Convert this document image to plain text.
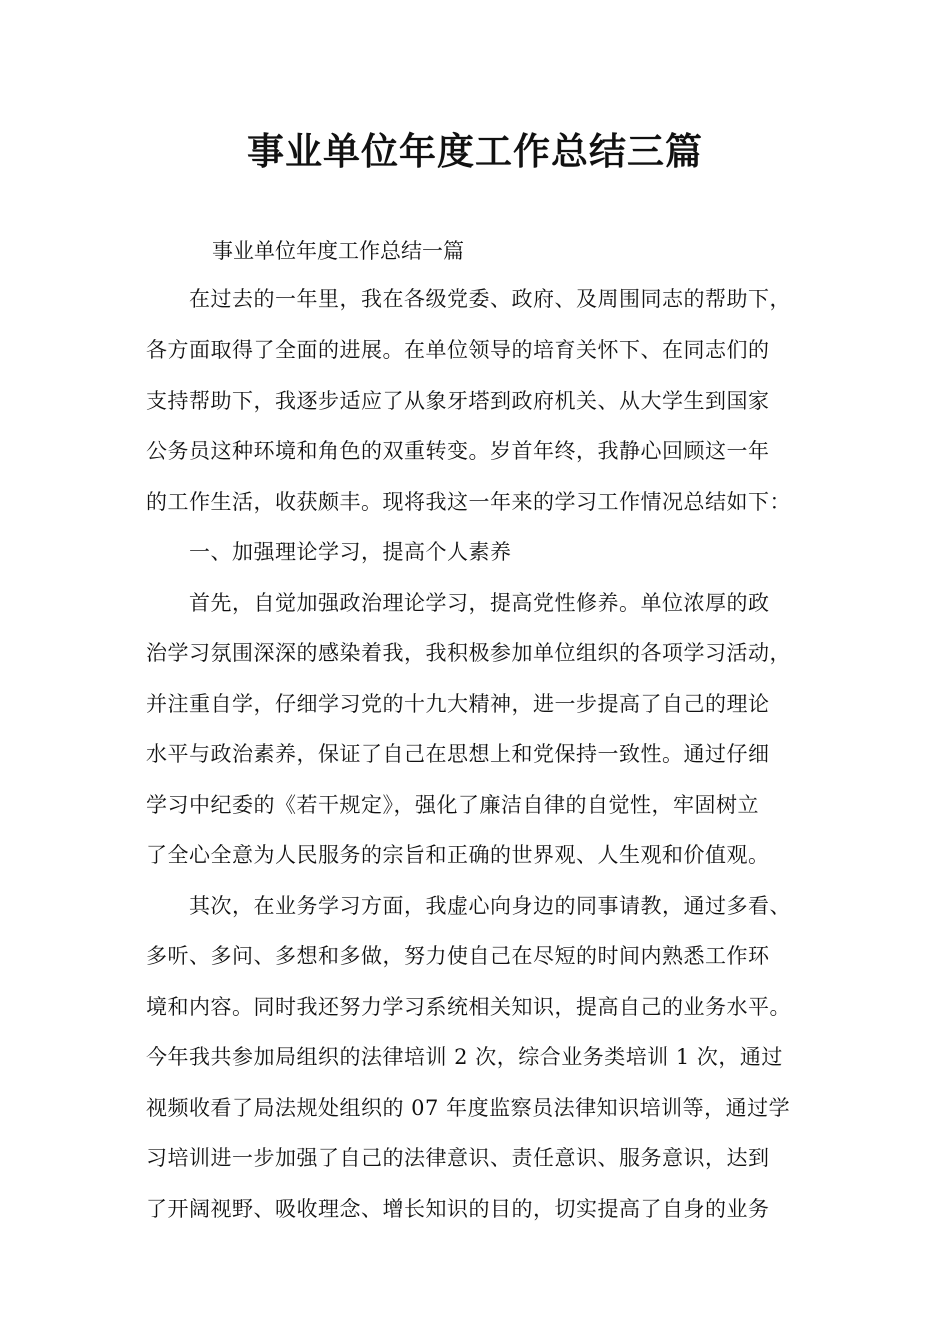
事业单位年度工作总结三篇

事业单位年度工作总结一篇

在过去的一年里，我在各级党委、政府、及周围同志的帮助下，

各方面取得了全面的进展。在单位领导的培育关怀下、在同志们的

支持帮助下，我逐步适应了从象牙塔到政府机关、从大学生到国家

公务员这种环境和角色的双重转变。岁首年终，我静心回顾这一年

的工作生活，收获颇丰。现将我这一年来的学习工作情况总结如下：

一、加强理论学习，提高个人素养

首先，自觉加强政治理论学习，提高党性修养。单位浓厚的政

治学习氛围深深的感染着我，我积极参加单位组织的各项学习活动，

并注重自学，仔细学习党的十九大精神，进一步提高了自己的理论

水平与政治素养，保证了自己在思想上和党保持一致性。通过仔细

学习中纪委的《若干规定》，强化了廉洁自律的自觉性，牢固树立

了全心全意为人民服务的宗旨和正确的世界观、人生观和价值观。

其次，在业务学习方面，我虚心向身边的同事请教，通过多看、

多听、多问、多想和多做，努力使自己在尽短的时间内熟悉工作环

境和内容。同时我还努力学习系统相关知识，提高自己的业务水平。

今年我共参加局组织的法律培训 2 次，综合业务类培训 1 次，通过

视频收看了局法规处组织的 07 年度监察员法律知识培训等，通过学

习培训进一步加强了自己的法律意识、责任意识、服务意识，达到

了开阔视野、吸收理念、增长知识的目的，切实提高了自身的业务
